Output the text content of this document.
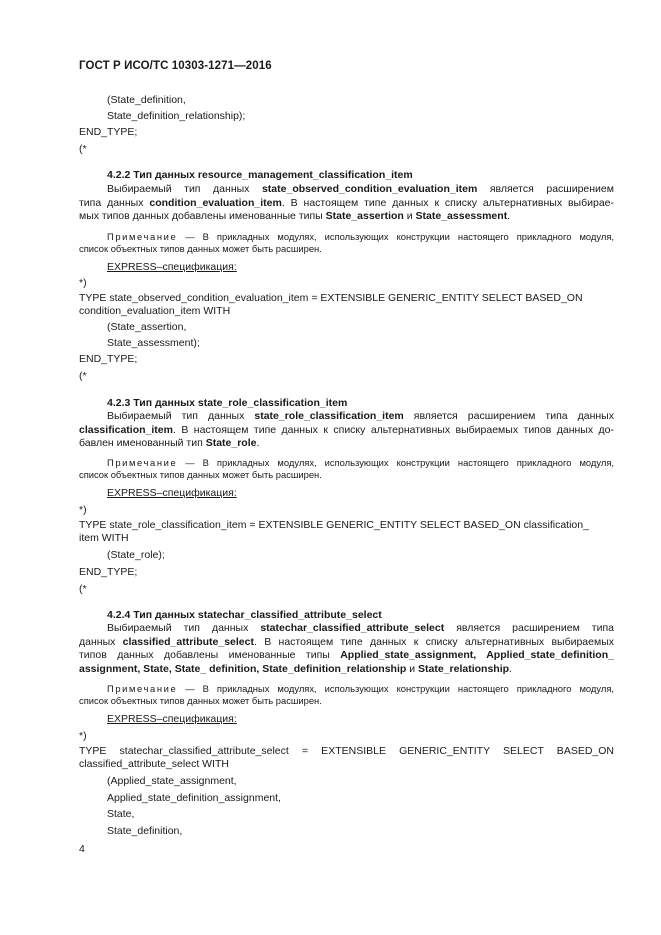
ГОСТ Р ИСО/ТС 10303-1271—2016
(State_definition,
State_definition_relationship);
END_TYPE;
(*
4.2.2 Тип данных resource_management_classification_item
Выбираемый тип данных state_observed_condition_evaluation_item является расширением
типа данных condition_evaluation_item. В настоящем типе данных к списку альтернативных выбирае-
мых типов данных добавлены именованные типы State_assertion и State_assessment.
Примечание — В прикладных модулях, использующих конструкции настоящего прикладного модуля,
список объектных типов данных может быть расширен.
EXPRESS–спецификация:
*)
TYPE state_observed_condition_evaluation_item = EXTENSIBLE GENERIC_ENTITY SELECT BASED_ON
condition_evaluation_item WITH
(State_assertion,
State_assessment);
END_TYPE;
(*
4.2.3 Тип данных state_role_classification_item
Выбираемый тип данных state_role_classification_item является расширением типа данных
classification_item. В настоящем типе данных к списку альтернативных выбираемых типов данных до-
бавлен именованный тип State_role.
Примечание — В прикладных модулях, использующих конструкции настоящего прикладного модуля,
список объектных типов данных может быть расширен.
EXPRESS–спецификация:
*)
TYPE state_role_classification_item = EXTENSIBLE GENERIC_ENTITY SELECT BASED_ON classification_
item WITH
(State_role);
END_TYPE;
(*
4.2.4 Тип данных statechar_classified_attribute_select
Выбираемый тип данных statechar_classified_attribute_select является расширением типа
данных classified_attribute_select. В настоящем типе данных к списку альтернативных выбираемых
типов данных добавлены именованные типы Applied_state_assignment, Applied_state_definition_
assignment, State, State_ definition, State_definition_relationship и State_relationship.
Примечание — В прикладных модулях, использующих конструкции настоящего прикладного модуля,
список объектных типов данных может быть расширен.
EXPRESS–спецификация:
*)
TYPE statechar_classified_attribute_select = EXTENSIBLE GENERIC_ENTITY SELECT BASED_ON
classified_attribute_select WITH
(Applied_state_assignment,
Applied_state_definition_assignment,
State,
State_definition,
4
